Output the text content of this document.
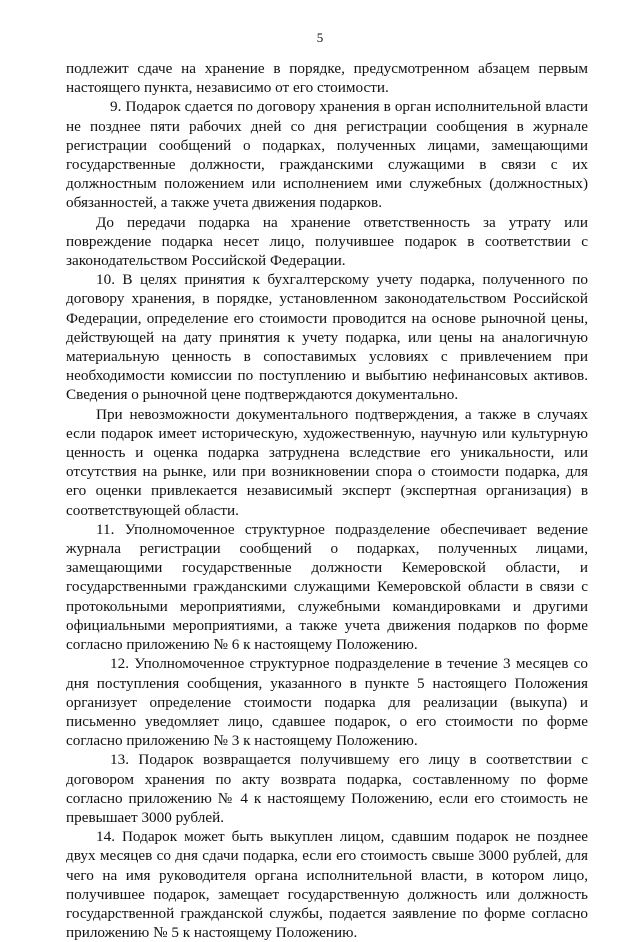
5

подлежит сдаче на хранение в порядке, предусмотренном абзацем первым настоящего пункта, независимо от его стоимости.

9. Подарок сдается по договору хранения в орган исполнительной власти не позднее пяти рабочих дней со дня регистрации сообщения в журнале регистрации сообщений о подарках, полученных лицами, замещающими государственные должности, гражданскими служащими в связи с их должностным положением или исполнением ими служебных (должностных) обязанностей, а также учета движения подарков.

До передачи подарка на хранение ответственность за утрату или повреждение подарка несет лицо, получившее подарок в соответствии с законодательством Российской Федерации.

10. В целях принятия к бухгалтерскому учету подарка, полученного по договору хранения, в порядке, установленном законодательством Российской Федерации, определение его стоимости проводится на основе рыночной цены, действующей на дату принятия к учету подарка, или цены на аналогичную материальную ценность в сопоставимых условиях с привлечением при необходимости комиссии по поступлению и выбытию нефинансовых активов. Сведения о рыночной цене подтверждаются документально.

При невозможности документального подтверждения, а также в случаях если подарок имеет историческую, художественную, научную или культурную ценность и оценка подарка затруднена вследствие его уникальности, или отсутствия на рынке, или при возникновении спора о стоимости подарка, для его оценки привлекается независимый эксперт (экспертная организация) в соответствующей области.

11. Уполномоченное структурное подразделение обеспечивает ведение журнала регистрации сообщений о подарках, полученных лицами, замещающими государственные должности Кемеровской области, и государственными гражданскими служащими Кемеровской области в связи с протокольными мероприятиями, служебными командировками и другими официальными мероприятиями, а также учета движения подарков по форме согласно приложению № 6 к настоящему Положению.

12. Уполномоченное структурное подразделение в течение 3 месяцев со дня поступления сообщения, указанного в пункте 5 настоящего Положения организует определение стоимости подарка для реализации (выкупа) и письменно уведомляет лицо, сдавшее подарок, о его стоимости по форме согласно приложению № 3 к настоящему Положению.

13. Подарок возвращается получившему его лицу в соответствии с договором хранения по акту возврата подарка, составленному по форме согласно приложению № 4 к настоящему Положению, если его стоимость не превышает 3000 рублей.

14. Подарок может быть выкуплен лицом, сдавшим подарок не позднее двух месяцев со дня сдачи подарка, если его стоимость свыше 3000 рублей, для чего на имя руководителя органа исполнительной власти, в котором лицо, получившее подарок, замещает государственную должность или должность государственной гражданской службы, подается заявление по форме согласно приложению № 5 к настоящему Положению.
